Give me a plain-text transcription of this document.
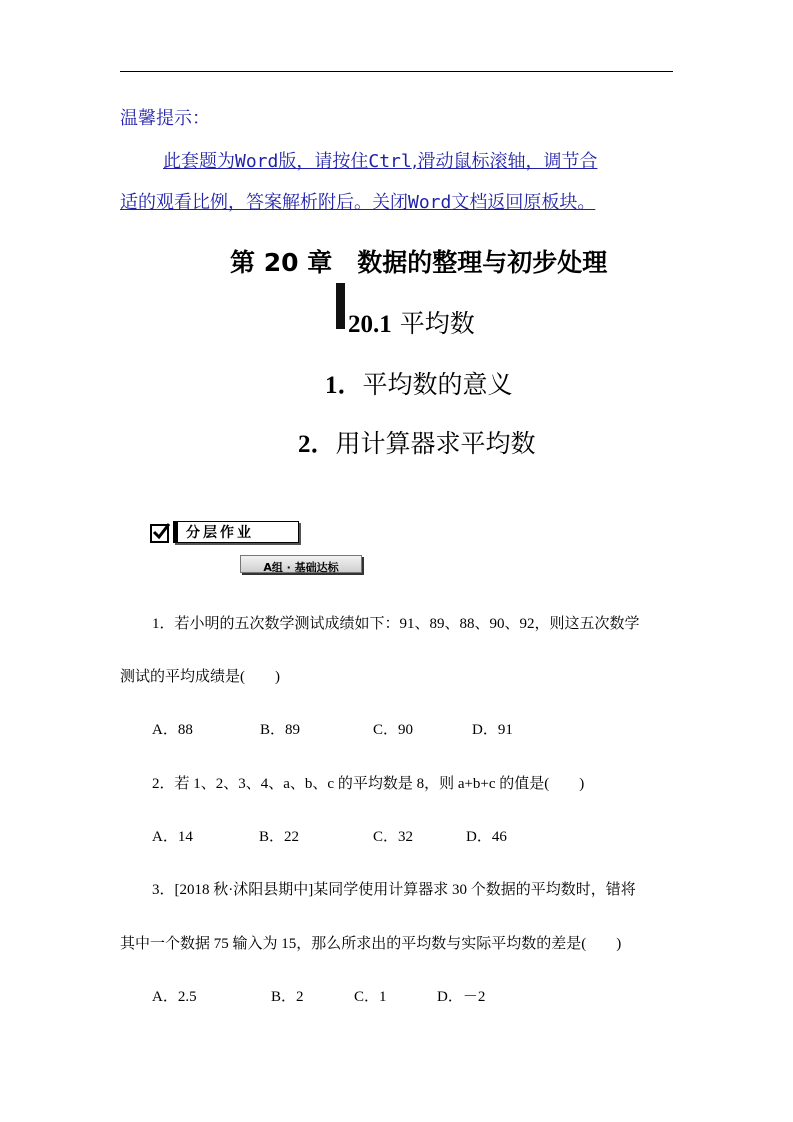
温馨提示：
此套题为Word版，请按住Ctrl,滑动鼠标滚轴，调节合
适的观看比例，答案解析附后。关闭Word文档返回原板块。
第 20 章　数据的整理与初步处理
20.1 平均数
1．平均数的意义
2．用计算器求平均数
分层作业
A组 · 基础达标
1．若小明的五次数学测试成绩如下：91、89、88、90、92，则这五次数学
测试的平均成绩是(　　)
A．88	B．89	C．90	D．91
2．若 1、2、3、4、a、b、c 的平均数是 8，则 a+b+c 的值是(　　)
A．14	B．22	C．32	D．46
3．[2018 秋·沭阳县期中]某同学使用计算器求 30 个数据的平均数时，错将
其中一个数据 75 输入为 15，那么所求出的平均数与实际平均数的差是(　　)
A．2.5	B．2	C．1	D．－2
